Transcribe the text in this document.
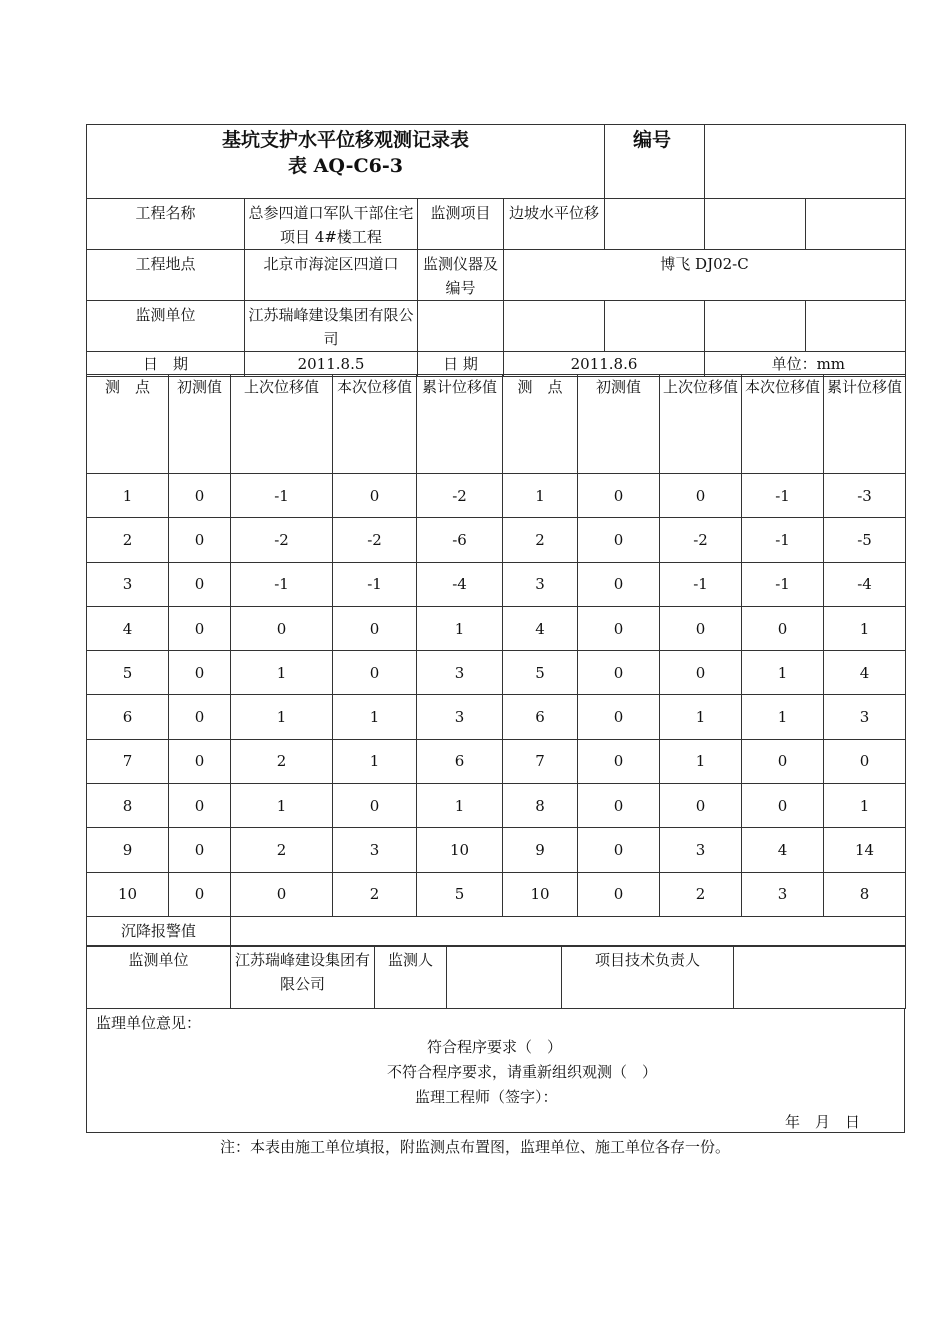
基坑支护水平位移观测记录表
表 AQ-C6-3				编号		
工程名称	总参四道口军队干部住宅项目 4#楼工程	监测项目	边坡水平位移			
工程地点	北京市海淀区四道口	监测仪器及编号	博飞 DJ02-C			
监测单位	江苏瑞峰建设集团有限公司					
日　期	2011.8.5	日 期	2011.8.6		单位：mm	
测　点	初测值	上次位移值	本次位移值	累计位移值	测　点	初测值	上次位移值	本次位移值	累计位移值
1	0	-1	0	-2	1	0	0	-1	-3
2	0	-2	-2	-6	2	0	-2	-1	-5
3	0	-1	-1	-4	3	0	-1	-1	-4
4	0	0	0	1	4	0	0	0	1
5	0	1	0	3	5	0	0	1	4
6	0	1	1	3	6	0	1	1	3
7	0	2	1	6	7	0	1	0	0
8	0	1	0	1	8	0	0	0	1
9	0	2	3	10	9	0	3	4	14
10	0	0	2	5	10	0	2	3	8
沉降报警值									
监测单位	江苏瑞峰建设集团有限公司	监测人		项目技术负责人	
监理单位意见：
符合程序要求（　）
不符合程序要求，请重新组织观测（　）
监理工程师（签字）：
年　月　日
注：本表由施工单位填报，附监测点布置图，监理单位、施工单位各存一份。
